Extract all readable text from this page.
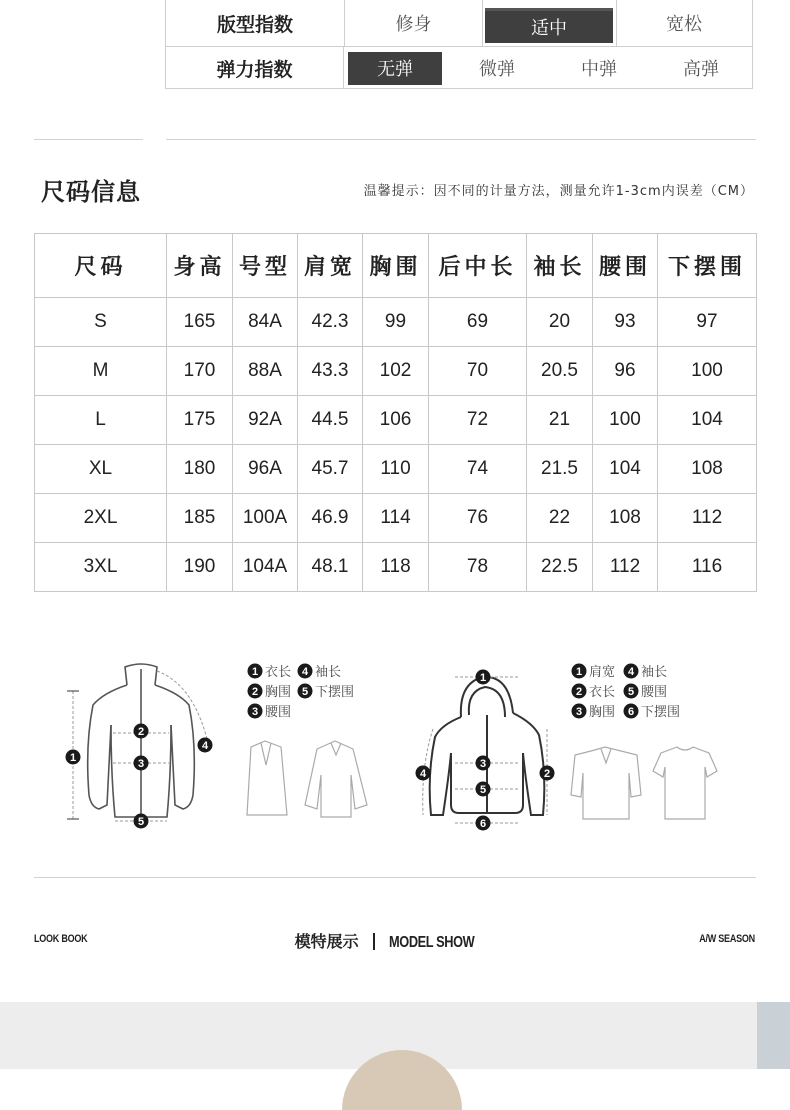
版型指数	修身	适中	宽松
弹力指数	无弹	微弹	中弹	高弹
尺码信息	温馨提示：因不同的计量方法，测量允许1-3cm内误差（CM）
尺码	身高	号型	肩宽	胸围	后中长	袖长	腰围	下摆围
S	165	84A	42.3	99	69	20	93	97
M	170	88A	43.3	102	70	20.5	96	100
L	175	92A	44.5	106	72	21	100	104
XL	180	96A	45.7	110	74	21.5	104	108
2XL	185	100A	46.9	114	76	22	108	112
3XL	190	104A	48.1	118	78	22.5	112	116
1
2
3
4
5
1 衣长 4 袖长
2 胸围 5 下摆围
3 腰围
1
2
3
4
5
6
1 肩宽 4 袖长
2 衣长 5 腰围
3 胸围 6 下摆围
LOOK BOOK	模特展示 MODEL SHOW	A/W SEASON
